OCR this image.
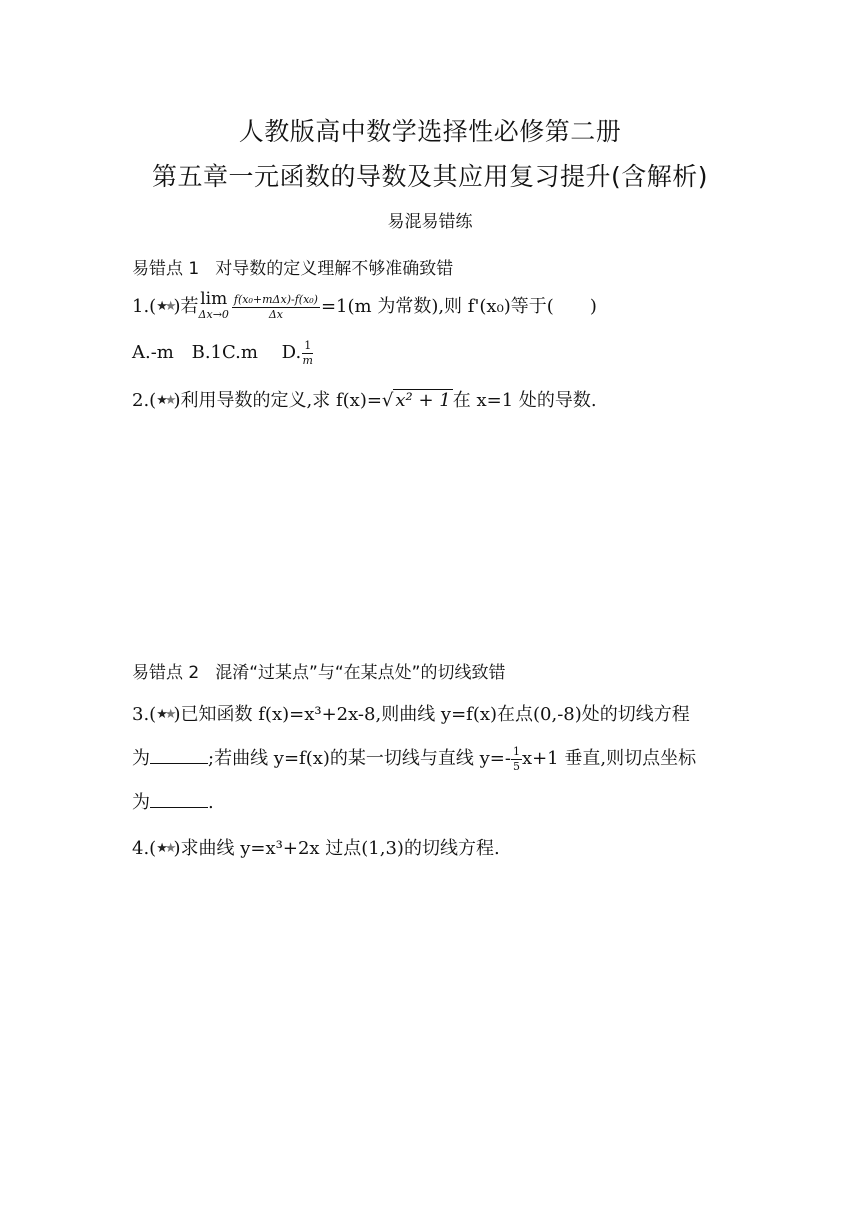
人教版高中数学选择性必修第二册
第五章一元函数的导数及其应用复习提升(含解析)
易混易错练
易错点 1 对导数的定义理解不够准确致错
1.(★★)若 lim
$\Delta x\to 0 \frac{\text{f(x₀+mΔx)-f(x₀)}}{\Delta x} =1(m$ 为常数),则 f'(x₀)等于( )
A.-m B.1C.m D. $\frac{1}{m}$
2.(★★)利用导数的定义,求 f(x)=√ x² + 1 在 x=1 处的导数.
易错点 2 混淆“过某点”与“在某点处”的切线致错
3.(★★)已知函数 f(x)=x³+2x-8,则曲线 y=f(x)在点(0,-8)处的切线方程
为	;若曲线 y=f(x)的某一切线与直线 $y=- \frac{1}{5} x+1$ 垂直,则切点坐标
为	.
4.(★★)求曲线 y=x³+2x 过点(1,3)的切线方程.
